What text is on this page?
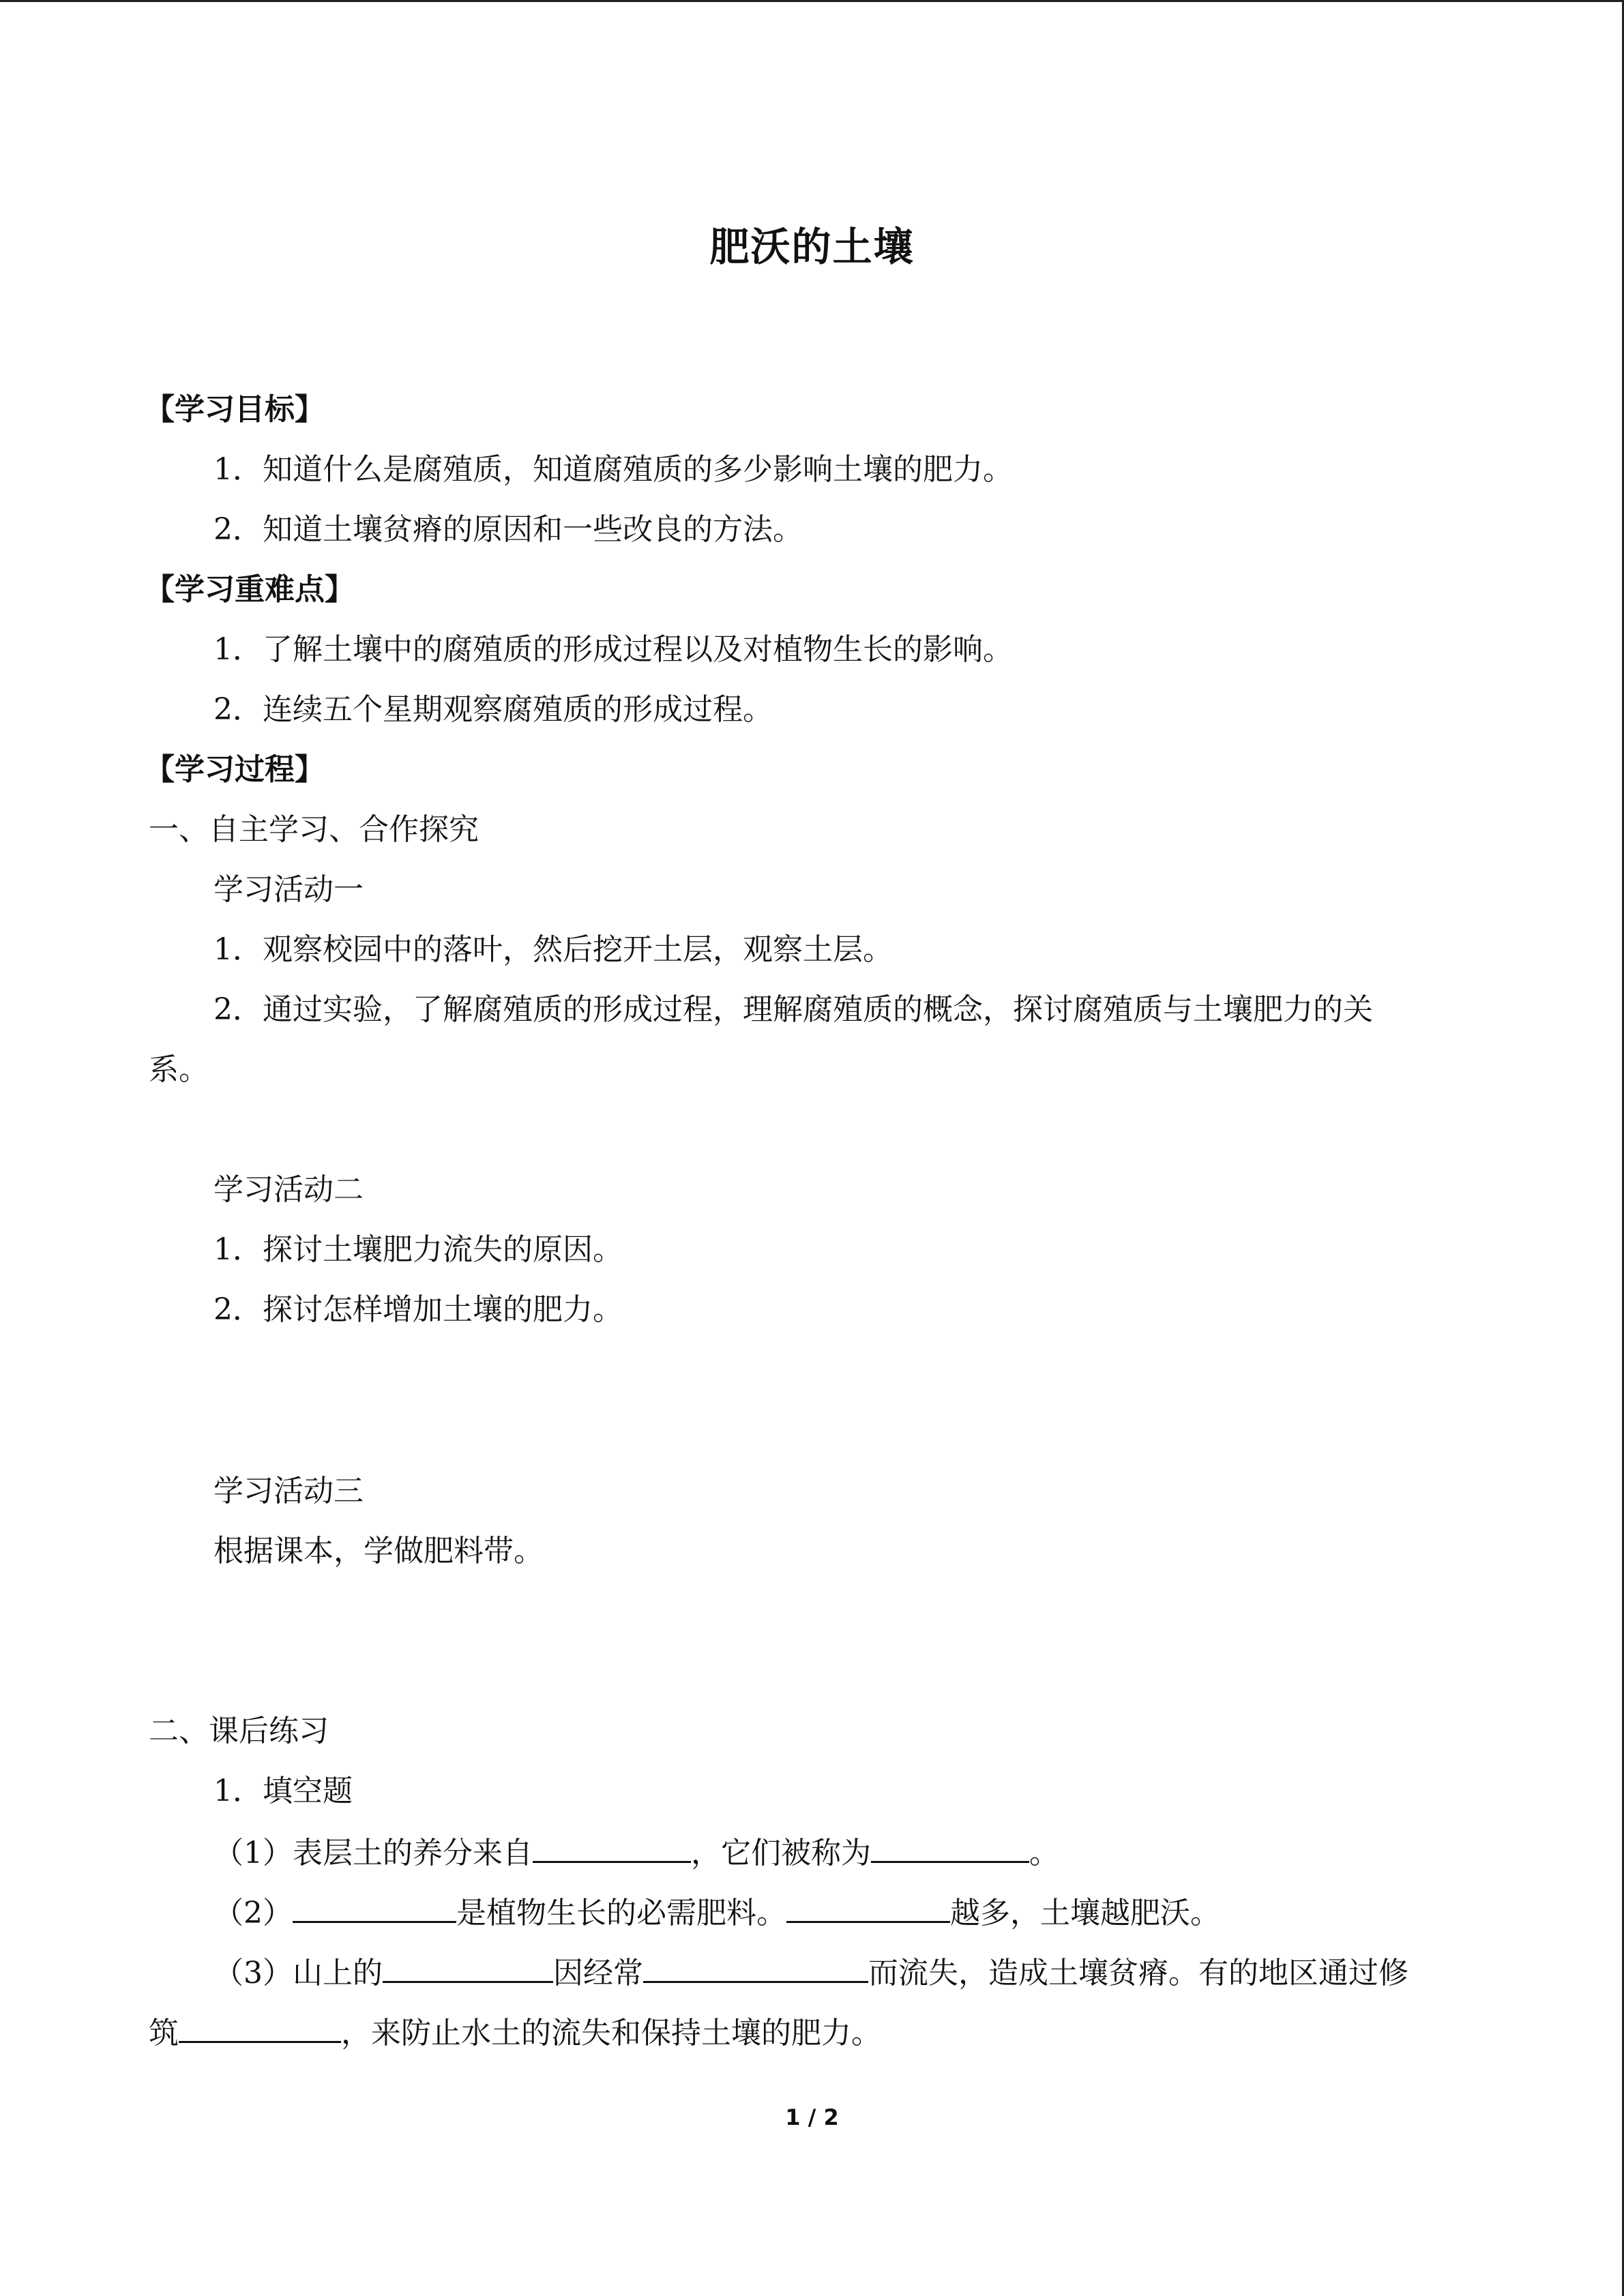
肥沃的土壤
【学习目标】
1．知道什么是腐殖质，知道腐殖质的多少影响土壤的肥力。
2．知道土壤贫瘠的原因和一些改良的方法。
【学习重难点】
1．了解土壤中的腐殖质的形成过程以及对植物生长的影响。
2．连续五个星期观察腐殖质的形成过程。
【学习过程】
一、自主学习、合作探究
学习活动一
1．观察校园中的落叶，然后挖开土层，观察土层。
2．通过实验，了解腐殖质的形成过程，理解腐殖质的概念，探讨腐殖质与土壤肥力的关
系。
学习活动二
1．探讨土壤肥力流失的原因。
2．探讨怎样增加土壤的肥力。
学习活动三
根据课本，学做肥料带。
二、课后练习
1．填空题
（1）表层土的养分来自	，它们被称为	。
（2）	是植物生长的必需肥料。	越多，土壤越肥沃。
（3）山上的	因经常	而流失，造成土壤贫瘠。有的地区通过修
筑	，来防止水土的流失和保持土壤的肥力。
1 / 2
